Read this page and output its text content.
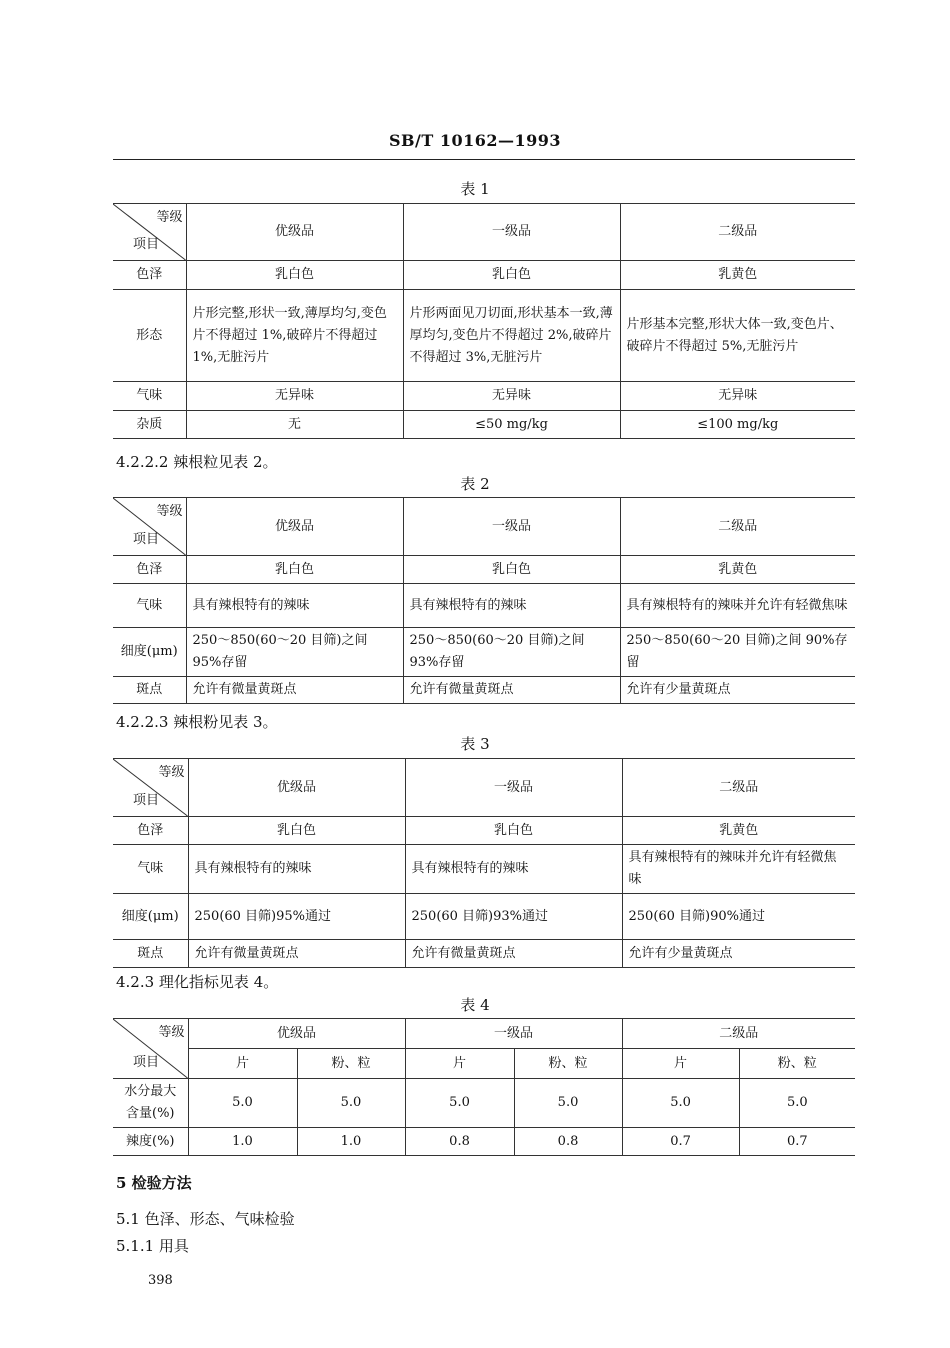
SB/T 10162—1993
表 1
等级
项目	优级品	一级品	二级品
色泽	乳白色	乳白色	乳黄色
形态	片形完整,形状一致,薄厚均匀,变色片不得超过 1%,破碎片不得超过 1%,无脏污片	片形两面见刀切面,形状基本一致,薄厚均匀,变色片不得超过 2%,破碎片不得超过 3%,无脏污片	片形基本完整,形状大体一致,变色片、破碎片不得超过 5%,无脏污片
气味	无异味	无异味	无异味
杂质	无	≤50 mg/kg	≤100 mg/kg
4.2.2.2 辣根粒见表 2。
表 2
等级
项目	优级品	一级品	二级品
色泽	乳白色	乳白色	乳黄色
气味	具有辣根特有的辣味	具有辣根特有的辣味	具有辣根特有的辣味并允许有轻微焦味
细度(μm)	250～850(60～20 目筛)之间 95%存留	250～850(60～20 目筛)之间 93%存留	250～850(60～20 目筛)之间 90%存留
斑点	允许有微量黄斑点	允许有微量黄斑点	允许有少量黄斑点
4.2.2.3 辣根粉见表 3。
表 3
等级
项目	优级品	一级品	二级品
色泽	乳白色	乳白色	乳黄色
气味	具有辣根特有的辣味	具有辣根特有的辣味	具有辣根特有的辣味并允许有轻微焦味
细度(μm)	250(60 目筛)95%通过	250(60 目筛)93%通过	250(60 目筛)90%通过
斑点	允许有微量黄斑点	允许有微量黄斑点	允许有少量黄斑点
4.2.3 理化指标见表 4。
表 4
等级
项目	优级品		一级品		二级品	
	片	粉、粒	片	粉、粒	片	粉、粒
水分最大含量(%)	5.0	5.0	5.0	5.0	5.0	5.0
辣度(%)	1.0	1.0	0.8	0.8	0.7	0.7
5 检验方法
5.1 色泽、形态、气味检验
5.1.1 用具
398
